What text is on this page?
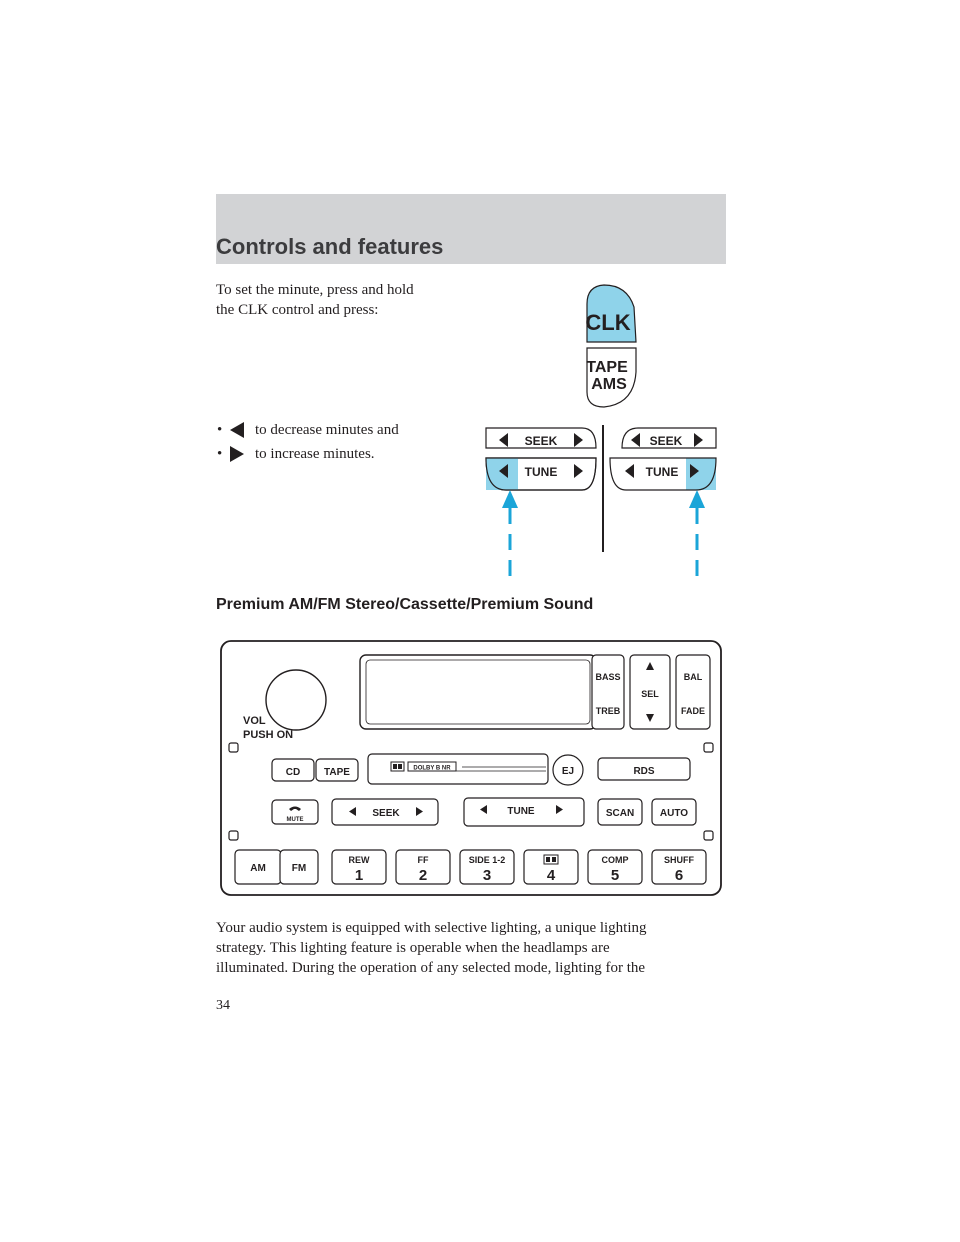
Controls and features
To set the minute, press and hold
the CLK control and press:
•	to decrease minutes and
•	to increase minutes.
CLK
TAPE
AMS
SEEK
TUNE
SEEK
TUNE
Premium AM/FM Stereo/Cassette/Premium Sound
VOL
PUSH ON
BASS
TREB
SEL
BAL
FADE
CD TAPE	DOLBY B NR	EJ	RDS
MUTE
SEEK	TUNE	SCAN	AUTO
AM	FM
REW
1
FF
2
SIDE 1-2
3	4
COMP
5
SHUFF
6
Your audio system is equipped with selective lighting, a unique lighting
strategy. This lighting feature is operable when the headlamps are
illuminated. During the operation of any selected mode, lighting for the
34
